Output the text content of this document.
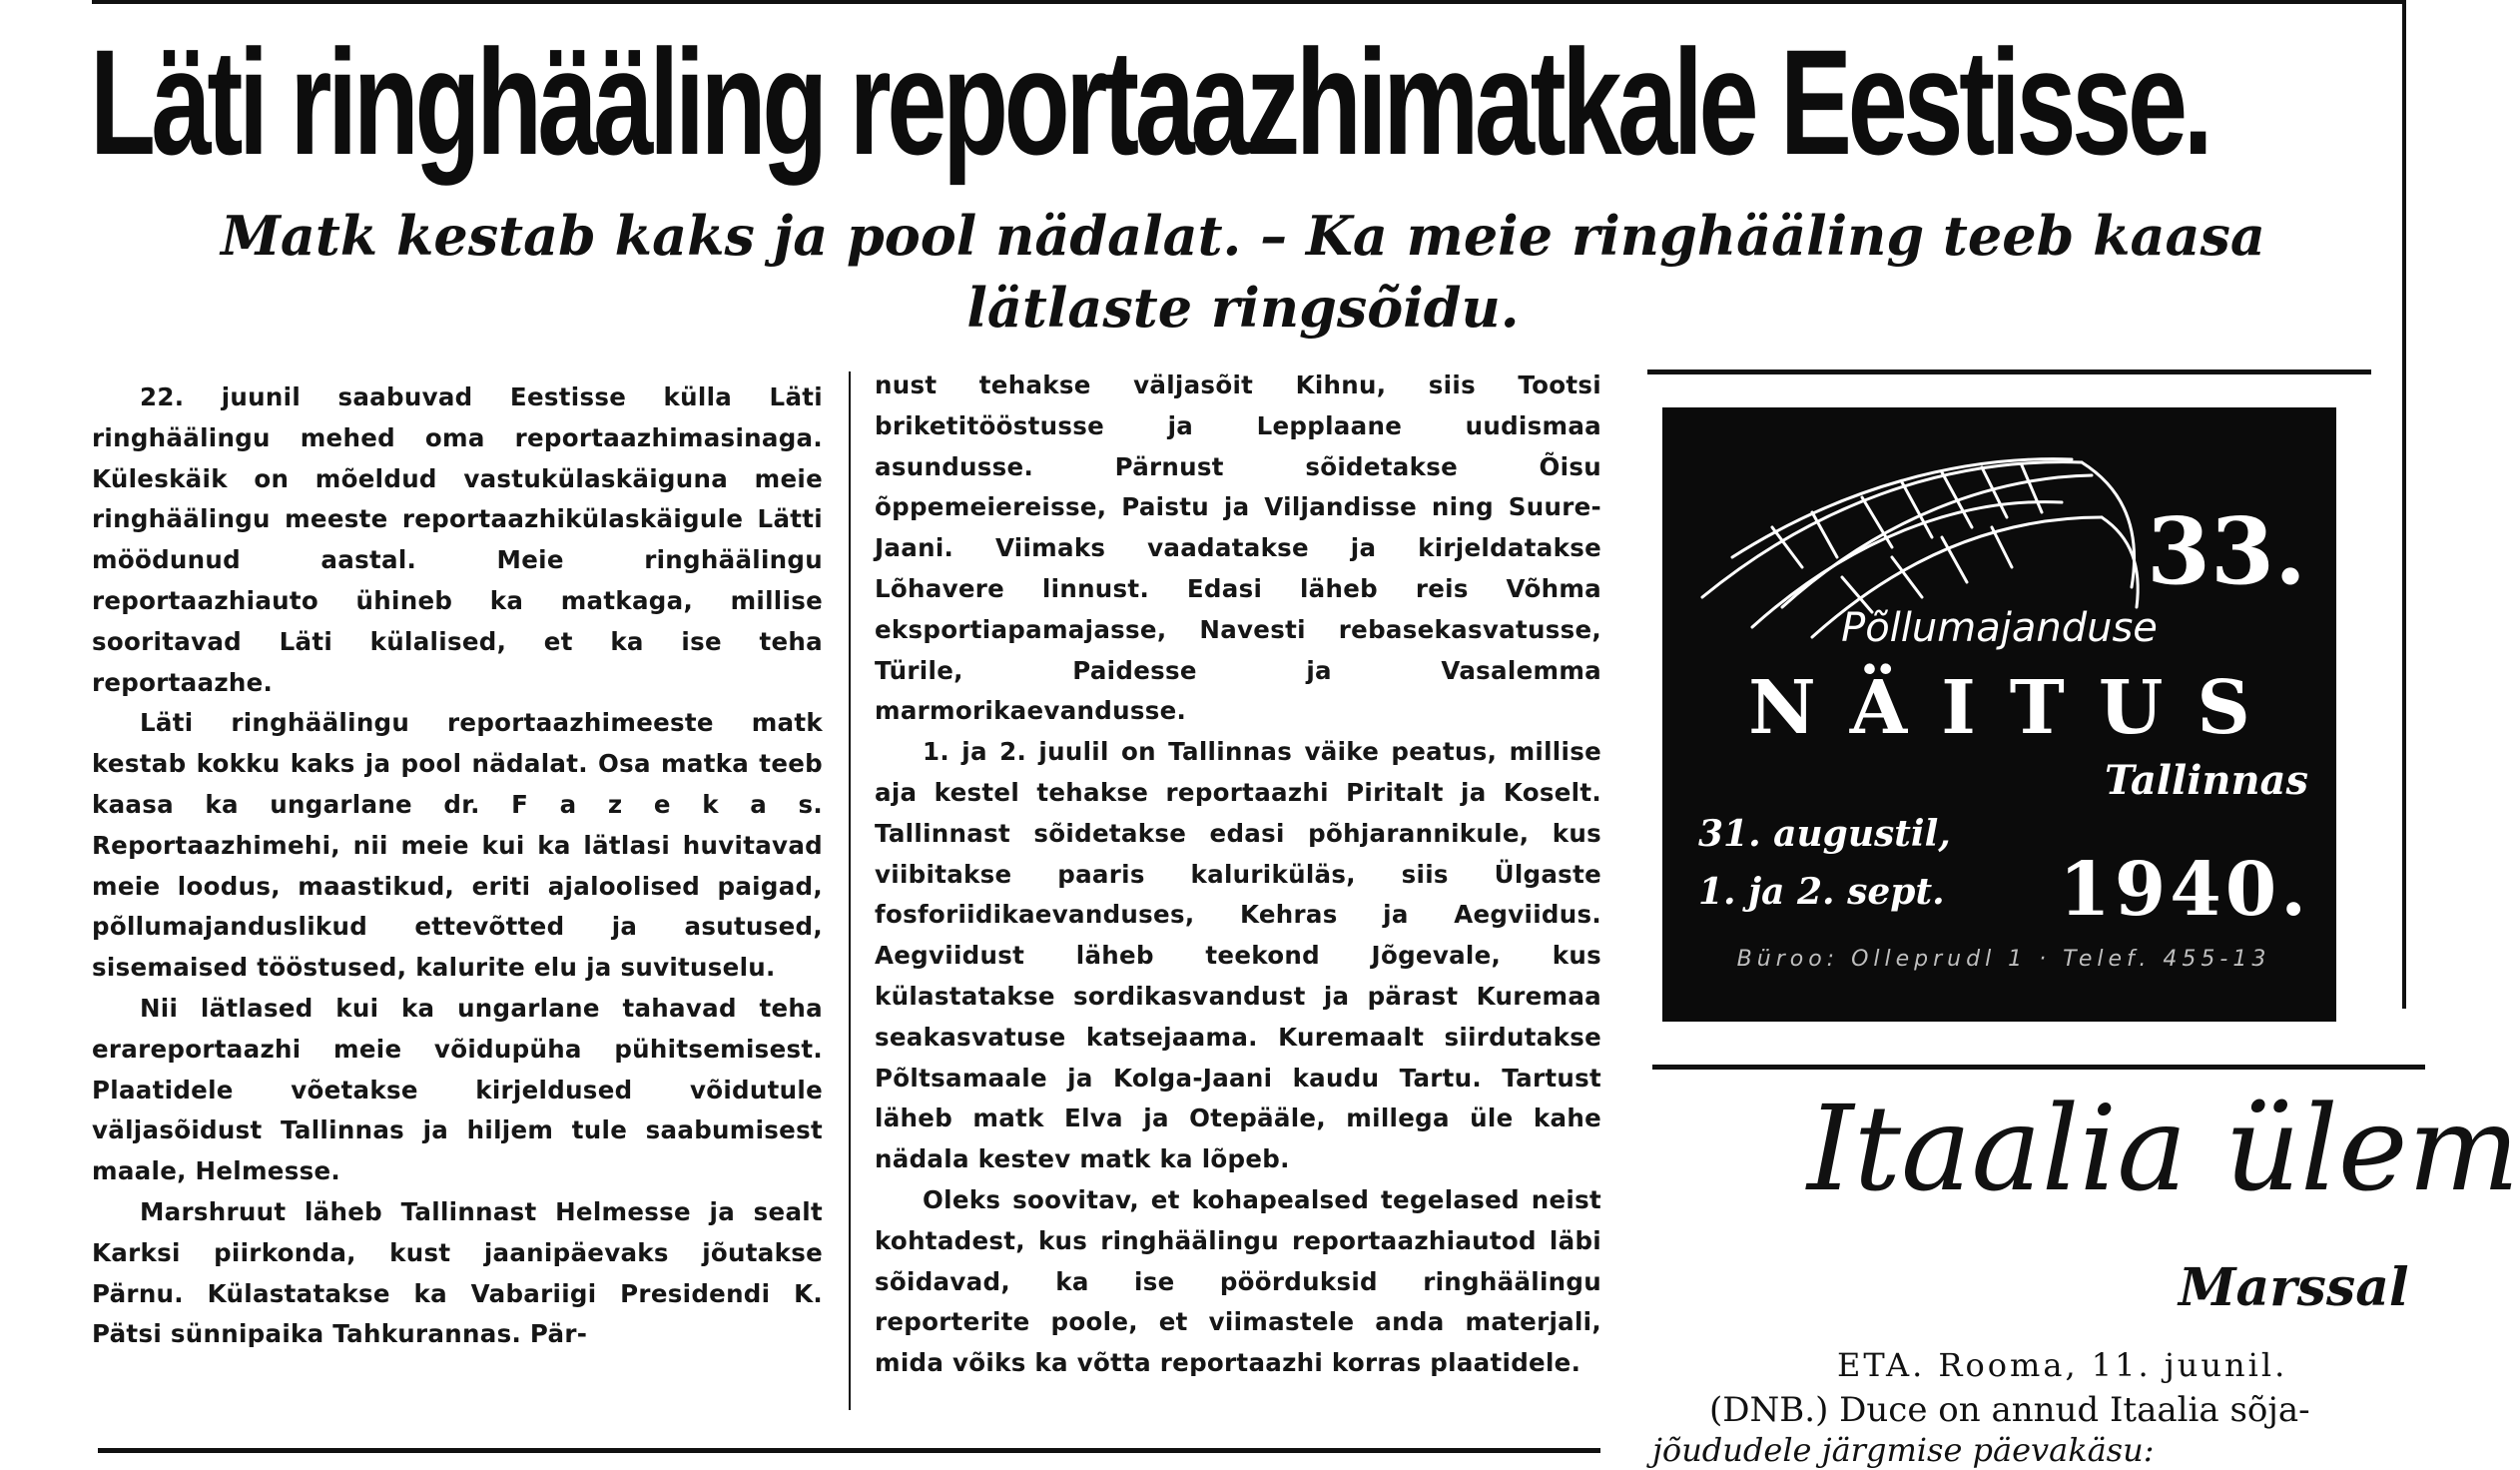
Läti ringhääling reportaazhimatkale Eestisse.
Matk kestab kaks ja pool nädalat. – Ka meie ringhääling teeb kaasa lätlaste ringsõidu.

22. juunil saabuvad Eestisse külla Läti ringhäälingu mehed oma reportaazhimasinaga. Küleskäik on mõeldud vastukülaskäiguna meie ringhäälingu meeste reportaazhikülaskäigule Lätti möödunud aastal. Meie ringhäälingu reportaazhiauto ühineb ka matkaga, millise sooritavad Läti külalised, et ka ise teha reportaazhe.

Läti ringhäälingu reportaazhimeeste matk kestab kokku kaks ja pool nädalat. Osa matka teeb kaasa ka ungarlane dr. F a z e k a s. Reportaazhimehi, nii meie kui ka lätlasi huvitavad meie loodus, maastikud, eriti ajaloolised paigad, põllumajanduslikud ettevõtted ja asutused, sisemaised tööstused, kalurite elu ja suvituselu.

Nii lätlased kui ka ungarlane tahavad teha erareportaazhi meie võidupüha pühitsemisest. Plaatidele võetakse kirjeldused võidutule väljasõidust Tallinnas ja hiljem tule saabumisest maale, Helmesse.

Marshruut läheb Tallinnast Helmesse ja sealt Karksi piirkonda, kust jaanipäevaks jõutakse Pärnu. Külastatakse ka Vabariigi Presidendi K. Pätsi sünnipaika Tahkurannas. Pär-

nust tehakse väljasõit Kihnu, siis Tootsi briketitööstusse ja Lepplaane uudismaa asundusse. Pärnust sõidetakse Õisu õppemeiereisse, Paistu ja Viljandisse ning Suure-Jaani. Viimaks vaadatakse ja kirjeldatakse Lõhavere linnust. Edasi läheb reis Võhma eksportiapamajasse, Navesti rebasekasvatusse, Türile, Paidesse ja Vasalemma marmorikaevandusse.

1. ja 2. juulil on Tallinnas väike peatus, millise aja kestel tehakse reportaazhi Piritalt ja Koselt. Tallinnast sõidetakse edasi põhjarannikule, kus viibitakse paaris kaluriküläs, siis Ülgaste fosforiidikaevanduses, Kehras ja Aegviidus. Aegviidust läheb teekond Jõgevale, kus külastatakse sordikasvandust ja pärast Kuremaa seakasvatuse katsejaama. Kuremaalt siirdutakse Põltsamaale ja Kolga-Jaani kaudu Tartu. Tartust läheb matk Elva ja Otepääle, millega üle kahe nädala kestev matk ka lõpeb.

Oleks soovitav, et kohapealsed tegelased neist kohtadest, kus ringhäälingu reportaazhiautod läbi sõidavad, ka ise pöörduksid ringhäälingu reporterite poole, et viimastele anda materjali, mida võiks ka võtta reportaazhi korras plaatidele.

33.
Põllumajanduse
NÄITUS
Tallinnas
31. augustil,
1. ja 2. sept. 1940.
Büroo: Olleprudl 1 · Telef. 455-13
Itaalia ülem
Marssal
ETA. Rooma, 11. juunil.
(DNB.) Duce on annud Itaalia sõja-
jõududele järgmise päevakäsu:
